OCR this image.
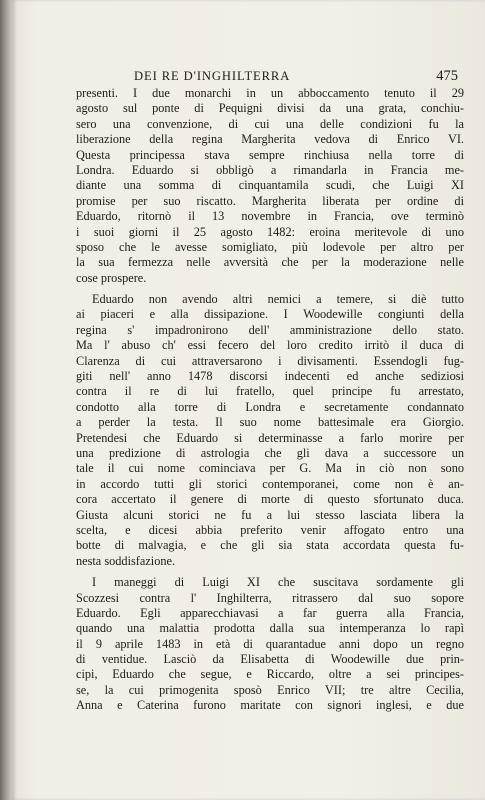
DEI RE D'INGHILTERRA	475
presenti. I due monarchi in un abboccamento tenuto il 29
agosto sul ponte di Pequigni divisi da una grata, conchiu-
sero una convenzione, di cui una delle condizioni fu la
liberazione della regina Margherita vedova di Enrico VI.
Questa principessa stava sempre rinchiusa nella torre di
Londra. Eduardo si obbligò a rimandarla in Francia me-
diante una somma di cinquantamila scudi, che Luigi XI
promise per suo riscatto. Margherita liberata per ordine di
Eduardo, ritornò il 13 novembre in Francia, ove terminò
i suoi giorni il 25 agosto 1482: eroina meritevole di uno
sposo che le avesse somigliato, più lodevole per altro per
la sua fermezza nelle avversità che per la moderazione nelle
cose prospere.
Eduardo non avendo altri nemici a temere, si diè tutto
ai piaceri e alla dissipazione. I Woodewille congiunti della
regina s' impadronirono dell' amministrazione dello stato.
Ma l' abuso ch' essi fecero del loro credito irritò il duca di
Clarenza di cui attraversarono i divisamenti. Essendogli fug-
giti nell' anno 1478 discorsi indecenti ed anche sediziosi
contra il re di lui fratello, quel principe fu arrestato,
condotto alla torre di Londra e secretamente condannato
a perder la testa. Il suo nome battesimale era Giorgio.
Pretendesi che Eduardo si determinasse a farlo morire per
una predizione di astrologia che gli dava a successore un
tale il cui nome cominciava per G. Ma in ciò non sono
in accordo tutti gli storici contemporanei, come non è an-
cora accertato il genere di morte di questo sfortunato duca.
Giusta alcuni storici ne fu a lui stesso lasciata libera la
scelta, e dicesi abbia preferito venir affogato entro una
botte di malvagia, e che gli sia stata accordata questa fu-
nesta soddisfazione.
I maneggi di Luigi XI che suscitava sordamente gli
Scozzesi contra l' Inghilterra, ritrassero dal suo sopore
Eduardo. Egli apparecchiavasi a far guerra alla Francia,
quando una malattia prodotta dalla sua intemperanza lo rapì
il 9 aprile 1483 in età di quarantadue anni dopo un regno
di ventidue. Lasciò da Elisabetta di Woodewille due prin-
cipi, Eduardo che segue, e Riccardo, oltre a sei principes-
se, la cui primogenita sposò Enrico VII; tre altre Cecilia,
Anna e Caterina furono maritate con signori inglesi, e due
